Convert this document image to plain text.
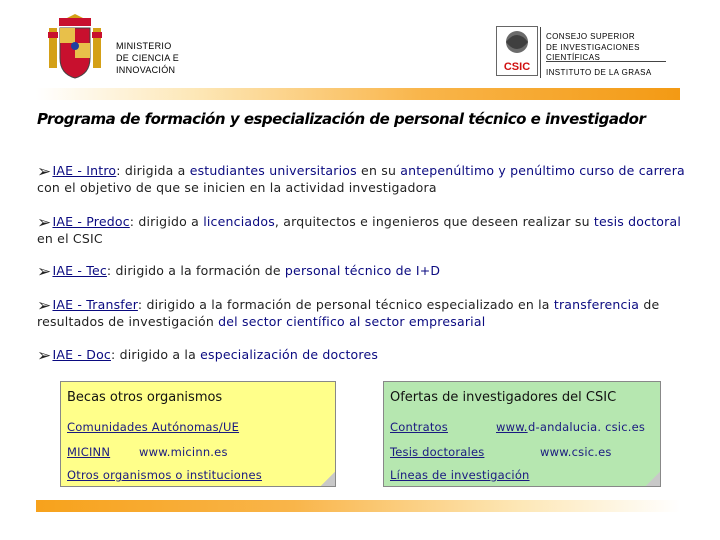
MINISTERIO
DE CIENCIA E
INNOVACIÓN	CSIC
CONSEJO SUPERIOR
DE INVESTIGACIONES
CIENTÍFICAS
INSTITUTO DE LA GRASA
Programa de formación y especialización de personal técnico e investigador
➢IAE - Intro: dirigida a estudiantes universitarios en su antepenúltimo y penúltimo curso de carrera con el objetivo de que se inicien en la actividad investigadora
➢IAE - Predoc: dirigido a licenciados, arquitectos e ingenieros que deseen realizar su tesis doctoral en el CSIC
➢IAE - Tec: dirigido a la formación de personal técnico de I+D
➢IAE - Transfer: dirigido a la formación de personal técnico especializado en la transferencia de resultados de investigación del sector científico al sector empresarial
➢IAE - Doc: dirigido a la especialización de doctores
Becas otros organismos
Comunidades Autónomas/UE
MICINN	www.micinn.es
Otros organismos o instituciones
Ofertas de investigadores del CSIC
Contratos	www. d-andalucia. csic.es
Tesis doctorales	www.csic.es
Líneas de investigación
